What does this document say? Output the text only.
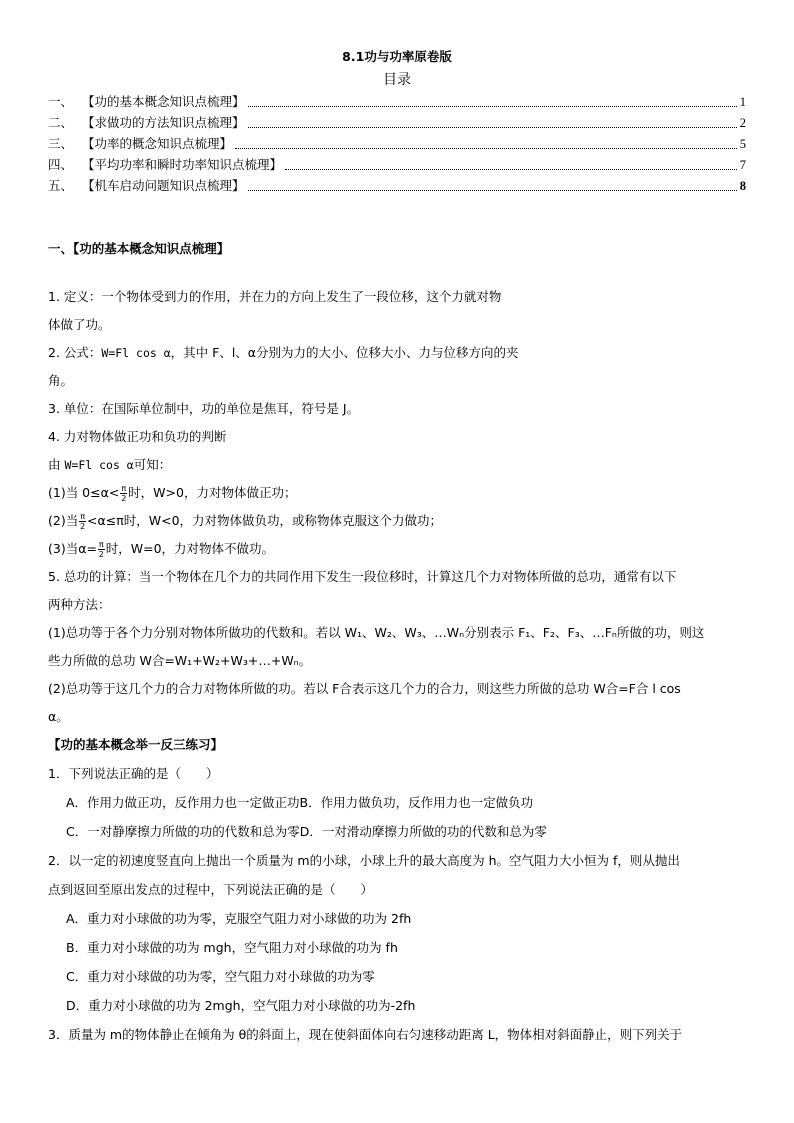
8.1功与功率原卷版
目录
一、 【功的基本概念知识点梳理】	1
二、 【求做功的方法知识点梳理】	2
三、 【功率的概念知识点梳理】	5
四、 【平均功率和瞬时功率知识点梳理】	7
五、 【机车启动问题知识点梳理】	8
一、【功的基本概念知识点梳理】
1. 定义：一个物体受到力的作用，并在力的方向上发生了一段位移，这个力就对物
体做了功。
2. 公式：W=Fl cos α，其中 F、l、α分别为力的大小、位移大小、力与位移方向的夹
角。
3. 单位：在国际单位制中，功的单位是焦耳，符号是 J。
4. 力对物体做正功和负功的判断
由 W=Fl cos α可知：
(1)当 $0\le\alpha< \frac{\pi}{2}$ 时，W>0，力对物体做正功；
(2)当 $\frac{\pi}{2} <\alpha\le\pi$时，W<0，力对物体做负功，或称物体克服这个力做功；
(3)当$\alpha= \frac{\pi}{2}$ 时，W=0，力对物体不做功。
5. 总功的计算：当一个物体在几个力的共同作用下发生一段位移时，计算这几个力对物体所做的总功，通常有以下
两种方法：
(1)总功等于各个力分别对物体所做功的代数和。若以 W₁、W₂、W₃、…Wₙ分别表示 F₁、F₂、F₃、…Fₙ所做的功，则这
些力所做的总功 W合=W₁+W₂+W₃+…+Wₙ。
(2)总功等于这几个力的合力对物体所做的功。若以 F合表示这几个力的合力，则这些力所做的总功 W合=F合 l cos
α。
【功的基本概念举一反三练习】
1．下列说法正确的是（　　）
A．作用力做正功，反作用力也一定做正功B．作用力做负功，反作用力也一定做负功
C．一对静摩擦力所做的功的代数和总为零D．一对滑动摩擦力所做的功的代数和总为零
2．以一定的初速度竖直向上抛出一个质量为 m的小球，小球上升的最大高度为 h。空气阻力大小恒为 f，则从抛出
点到返回至原出发点的过程中，下列说法正确的是（　　）
A．重力对小球做的功为零，克服空气阻力对小球做的功为 2fh
B．重力对小球做的功为 mgh，空气阻力对小球做的功为 fh
C．重力对小球做的功为零，空气阻力对小球做的功为零
D．重力对小球做的功为 2mgh，空气阻力对小球做的功为-2fh
3．质量为 m的物体静止在倾角为 θ的斜面上，现在使斜面体向右匀速移动距离 L，物体相对斜面静止，则下列关于
